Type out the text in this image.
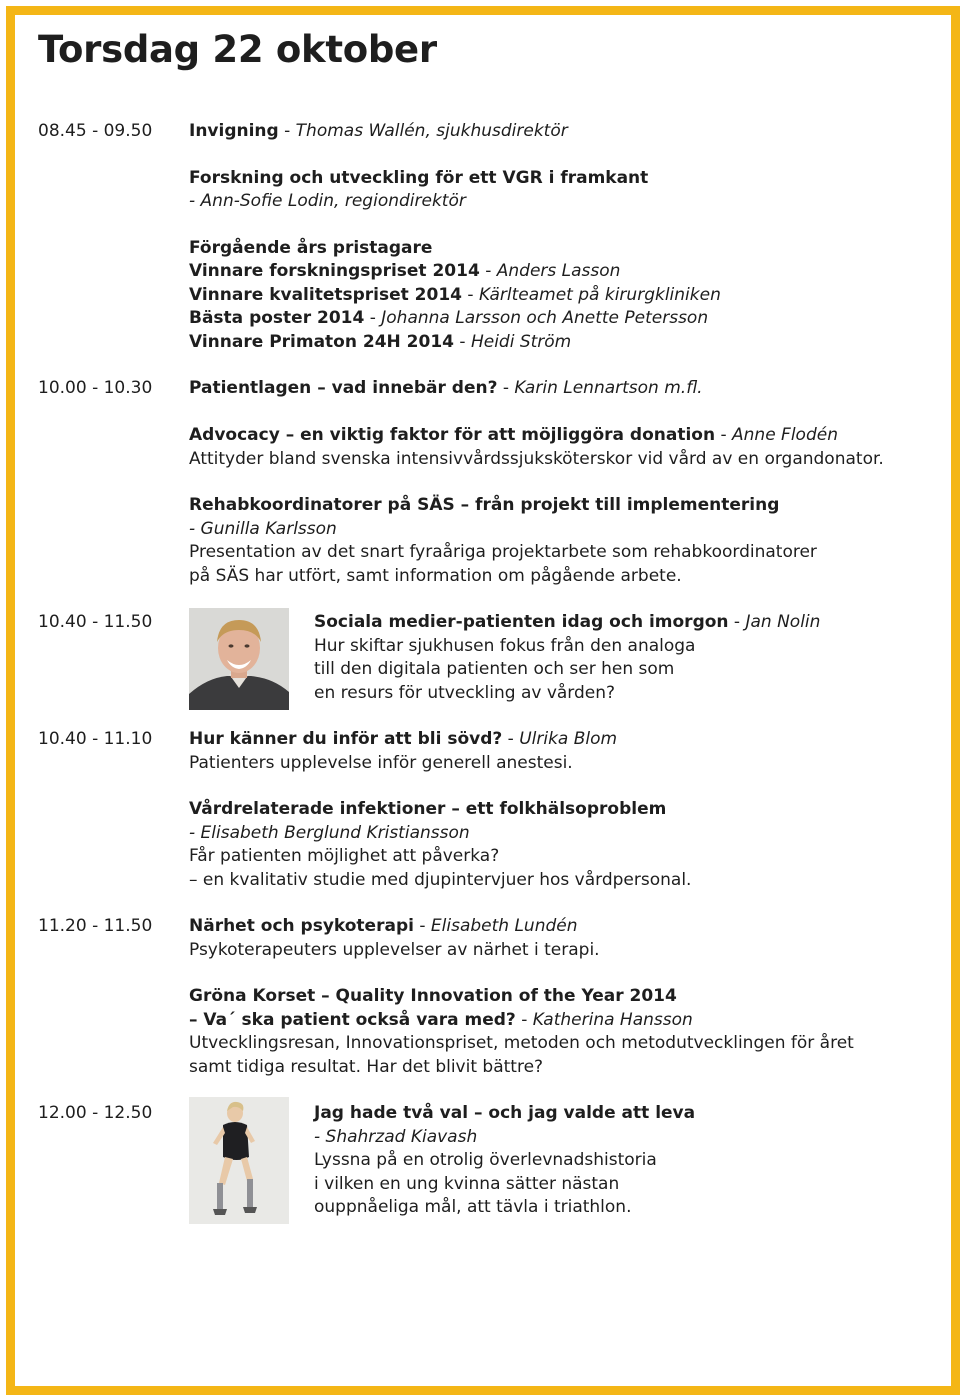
Torsdag 22 oktober
08.45 - 09.50 Invigning - Thomas Wallén, sjukhusdirektör
Forskning och utveckling för ett VGR i framkant
- Ann-Sofie Lodin, regiondirektör
Förgående års pristagare
Vinnare forskningspriset 2014 - Anders Lasson
Vinnare kvalitetspriset 2014 - Kärlteamet på kirurgkliniken
Bästa poster 2014 - Johanna Larsson och Anette Petersson
Vinnare Primaton 24H 2014 - Heidi Ström
10.00 - 10.30 Patientlagen – vad innebär den? - Karin Lennartson m.fl.
Advocacy – en viktig faktor för att möjliggöra donation - Anne Flodén
Attityder bland svenska intensivvårdssjuksköterskor vid vård av en organdonator.
Rehabkoordinatorer på SÄS – från projekt till implementering
- Gunilla Karlsson
Presentation av det snart fyraåriga projektarbete som rehabkoordinatorer
på SÄS har utfört, samt information om pågående arbete.
10.40 - 11.50	Sociala medier-patienten idag och imorgon - Jan Nolin
Hur skiftar sjukhusen fokus från den analoga
till den digitala patienten och ser hen som
en resurs för utveckling av vården?
10.40 - 11.10 Hur känner du inför att bli sövd? - Ulrika Blom
Patienters upplevelse inför generell anestesi.
Vårdrelaterade infektioner – ett folkhälsoproblem
- Elisabeth Berglund Kristiansson
Får patienten möjlighet att påverka?
– en kvalitativ studie med djupintervjuer hos vårdpersonal.
11.20 - 11.50 Närhet och psykoterapi - Elisabeth Lundén
Psykoterapeuters upplevelser av närhet i terapi.
Gröna Korset – Quality Innovation of the Year 2014
– Va´ ska patient också vara med? - Katherina Hansson
Utvecklingsresan, Innovationspriset, metoden och metodutvecklingen för året
samt tidiga resultat. Har det blivit bättre?
12.00 - 12.50	Jag hade två val – och jag valde att leva
- Shahrzad Kiavash
Lyssna på en otrolig överlevnadshistoria
i vilken en ung kvinna sätter nästan
ouppnåeliga mål, att tävla i triathlon.
